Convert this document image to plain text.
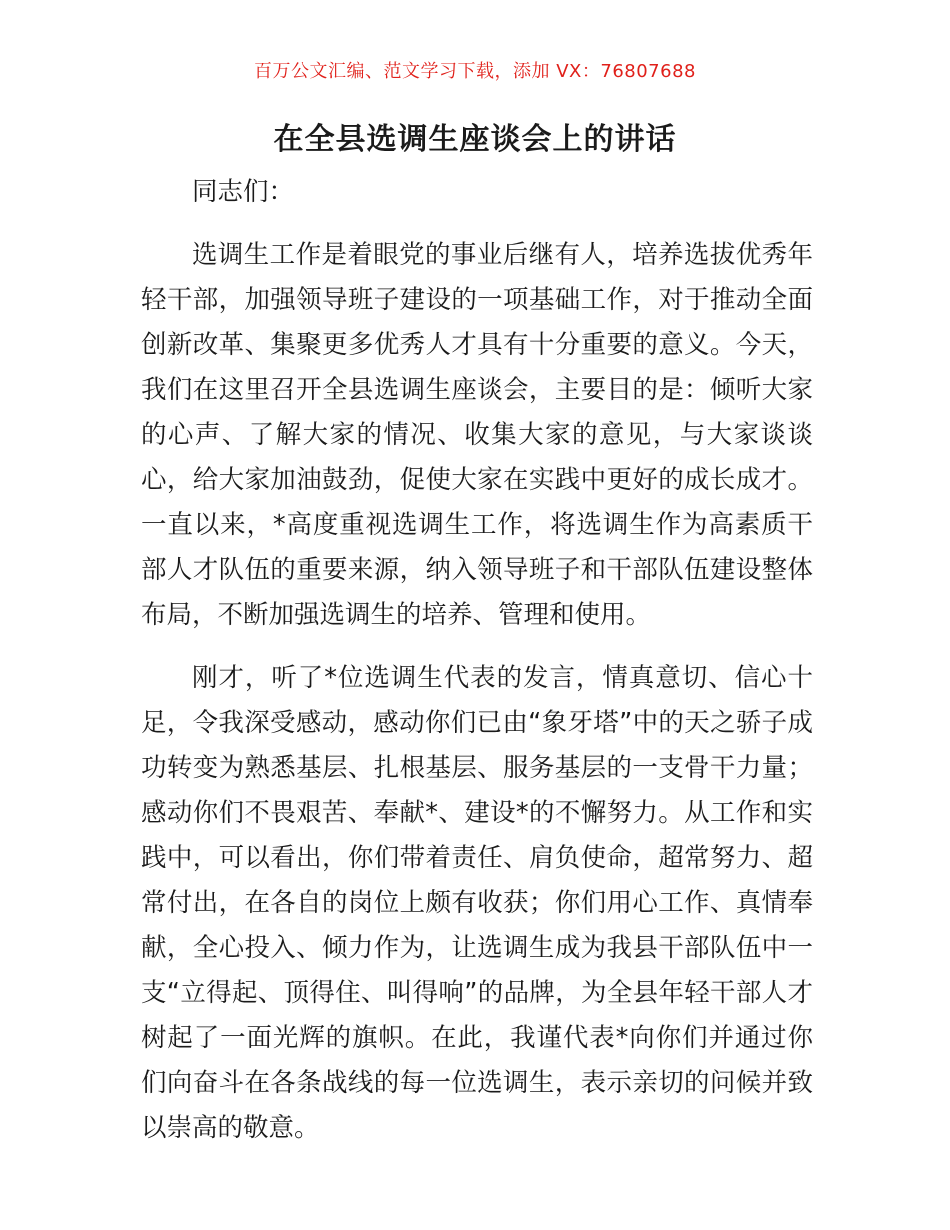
百万公文汇编、范文学习下载，添加 VX：76807688
在全县选调生座谈会上的讲话

同志们：

选调生工作是着眼党的事业后继有人，培养选拔优秀年轻干部，加强领导班子建设的一项基础工作，对于推动全面创新改革、集聚更多优秀人才具有十分重要的意义。今天，我们在这里召开全县选调生座谈会，主要目的是：倾听大家的心声、了解大家的情况、收集大家的意见，与大家谈谈心，给大家加油鼓劲，促使大家在实践中更好的成长成才。一直以来，*高度重视选调生工作，将选调生作为高素质干部人才队伍的重要来源，纳入领导班子和干部队伍建设整体布局，不断加强选调生的培养、管理和使用。

刚才，听了*位选调生代表的发言，情真意切、信心十足，令我深受感动，感动你们已由“象牙塔”中的天之骄子成功转变为熟悉基层、扎根基层、服务基层的一支骨干力量；感动你们不畏艰苦、奉献*、建设*的不懈努力。从工作和实践中，可以看出，你们带着责任、肩负使命，超常努力、超常付出，在各自的岗位上颇有收获；你们用心工作、真情奉献，全心投入、倾力作为，让选调生成为我县干部队伍中一支“立得起、顶得住、叫得响”的品牌，为全县年轻干部人才树起了一面光辉的旗帜。在此，我谨代表*向你们并通过你们向奋斗在各条战线的每一位选调生，表示亲切的问候并致以崇高的敬意。
